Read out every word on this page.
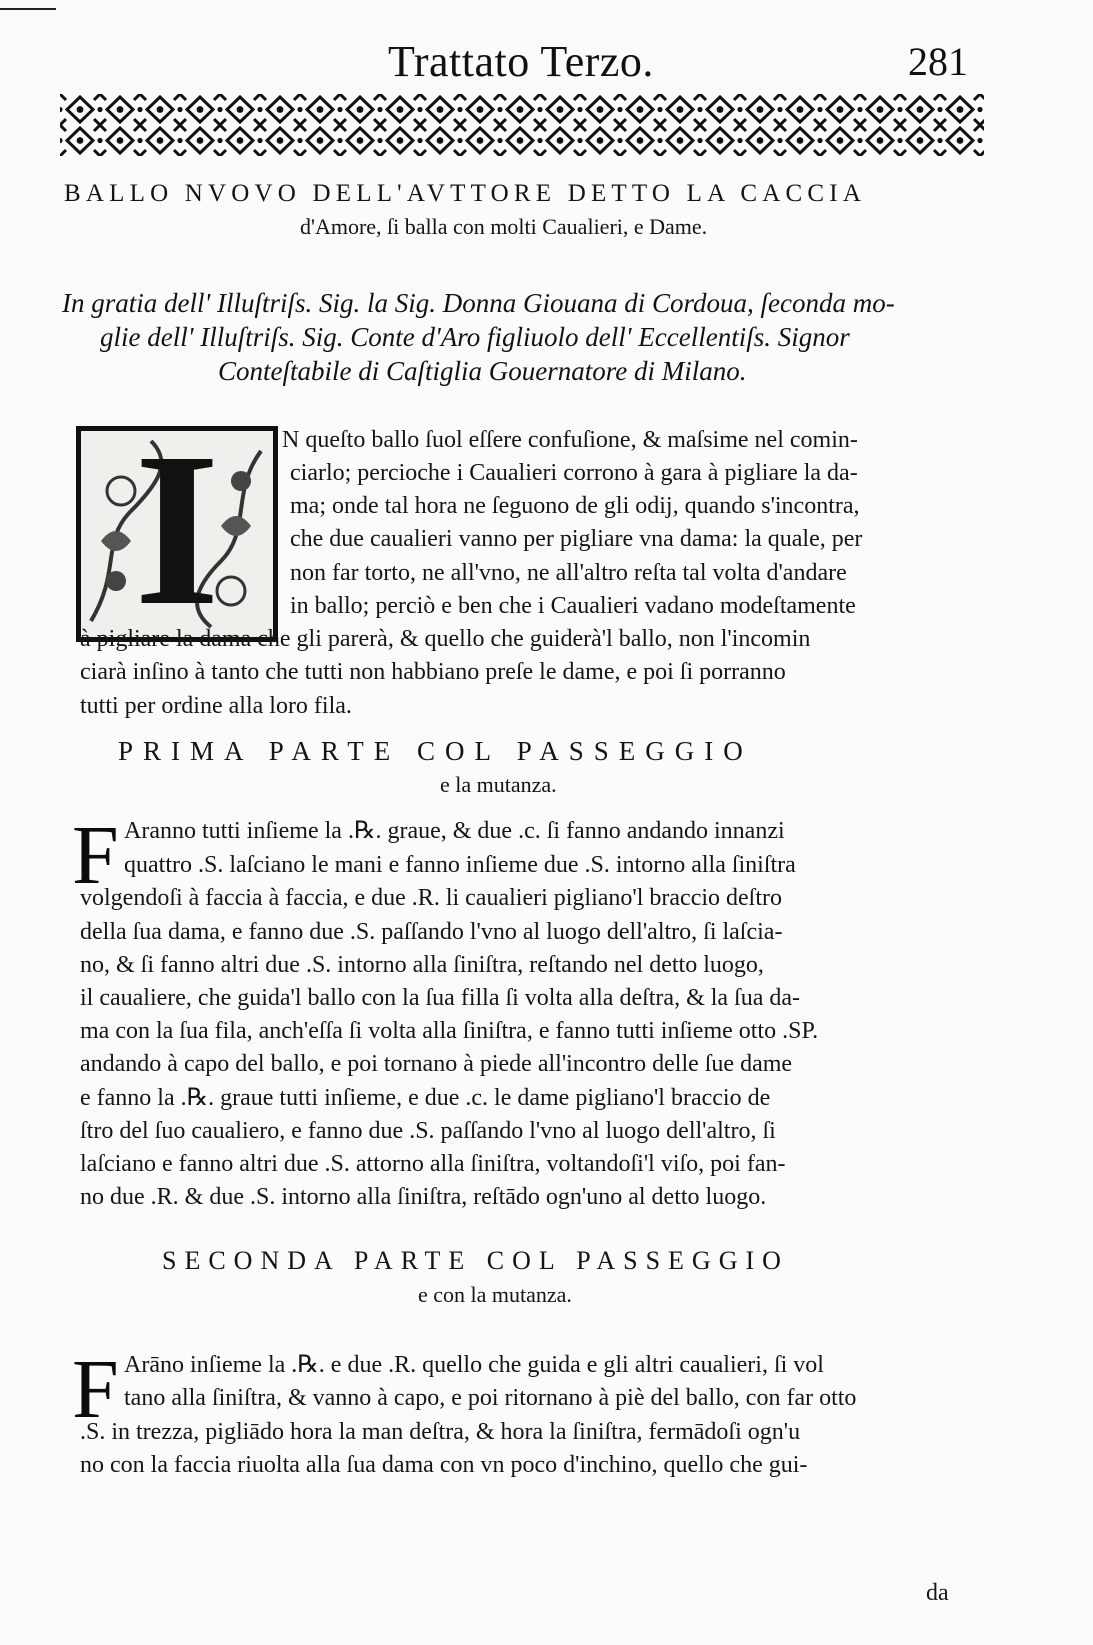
Trattato Terzo.	281
BALLO NVOVO DELL'AVTTORE DETTO LA CACCIA
d'Amore, ſi balla con molti Caualieri, e Dame.
In gratia dell' Illuſtriſs. Sig. la Sig. Donna Giouana di Cordoua, ſeconda mo-
glie dell' Illuſtriſs. Sig. Conte d'Aro figliuolo dell' Eccellentiſs. Signor
Conteſtabile di Caſtiglia Gouernatore di Milano.
I	N queſto ballo ſuol eſſere confuſione, & maſsime nel comin-
ciarlo; percioche i Caualieri corrono à gara à pigliare la da-
ma; onde tal hora ne ſeguono de gli odij, quando s'incontra,
che due caualieri vanno per pigliare vna dama: la quale, per
non far torto, ne all'vno, ne all'altro reſta tal volta d'andare
in ballo; perciò e ben che i Caualieri vadano modeſtamente
à pigliare la dama che gli parerà, & quello che guiderà'l ballo, non l'incomin
ciarà inſino à tanto che tutti non habbiano preſe le dame, e poi ſi porranno
tutti per ordine alla loro fila.
PRIMA PARTE COL PASSEGGIO
e la mutanza.
F Aranno tutti inſieme la .℞. graue, & due .c. ſi fanno andando innanzi
quattro .S. laſciano le mani e fanno inſieme due .S. intorno alla ſiniſtra
volgendoſi à faccia à faccia, e due .R. li caualieri pigliano'l braccio deſtro
della ſua dama, e fanno due .S. paſſando l'vno al luogo dell'altro, ſi laſcia-
no, & ſi fanno altri due .S. intorno alla ſiniſtra, reſtando nel detto luogo,
il caualiere, che guida'l ballo con la ſua filla ſi volta alla deſtra, & la ſua da-
ma con la ſua fila, anch'eſſa ſi volta alla ſiniſtra, e fanno tutti inſieme otto .SP.
andando à capo del ballo, e poi tornano à piede all'incontro delle ſue dame
e fanno la .℞. graue tutti inſieme, e due .c. le dame pigliano'l braccio de
ſtro del ſuo caualiero, e fanno due .S. paſſando l'vno al luogo dell'altro, ſi
laſciano e fanno altri due .S. attorno alla ſiniſtra, voltandoſi'l viſo, poi fan-
no due .R. & due .S. intorno alla ſiniſtra, reſtādo ogn'uno al detto luogo.
SECONDA PARTE COL PASSEGGIO
e con la mutanza.
F Arāno inſieme la .℞. e due .R. quello che guida e gli altri caualieri, ſi vol
tano alla ſiniſtra, & vanno à capo, e poi ritornano à piè del ballo, con far otto
.S. in trezza, pigliādo hora la man deſtra, & hora la ſiniſtra, fermādoſi ogn'u
no con la faccia riuolta alla ſua dama con vn poco d'inchino, quello che gui-
da
